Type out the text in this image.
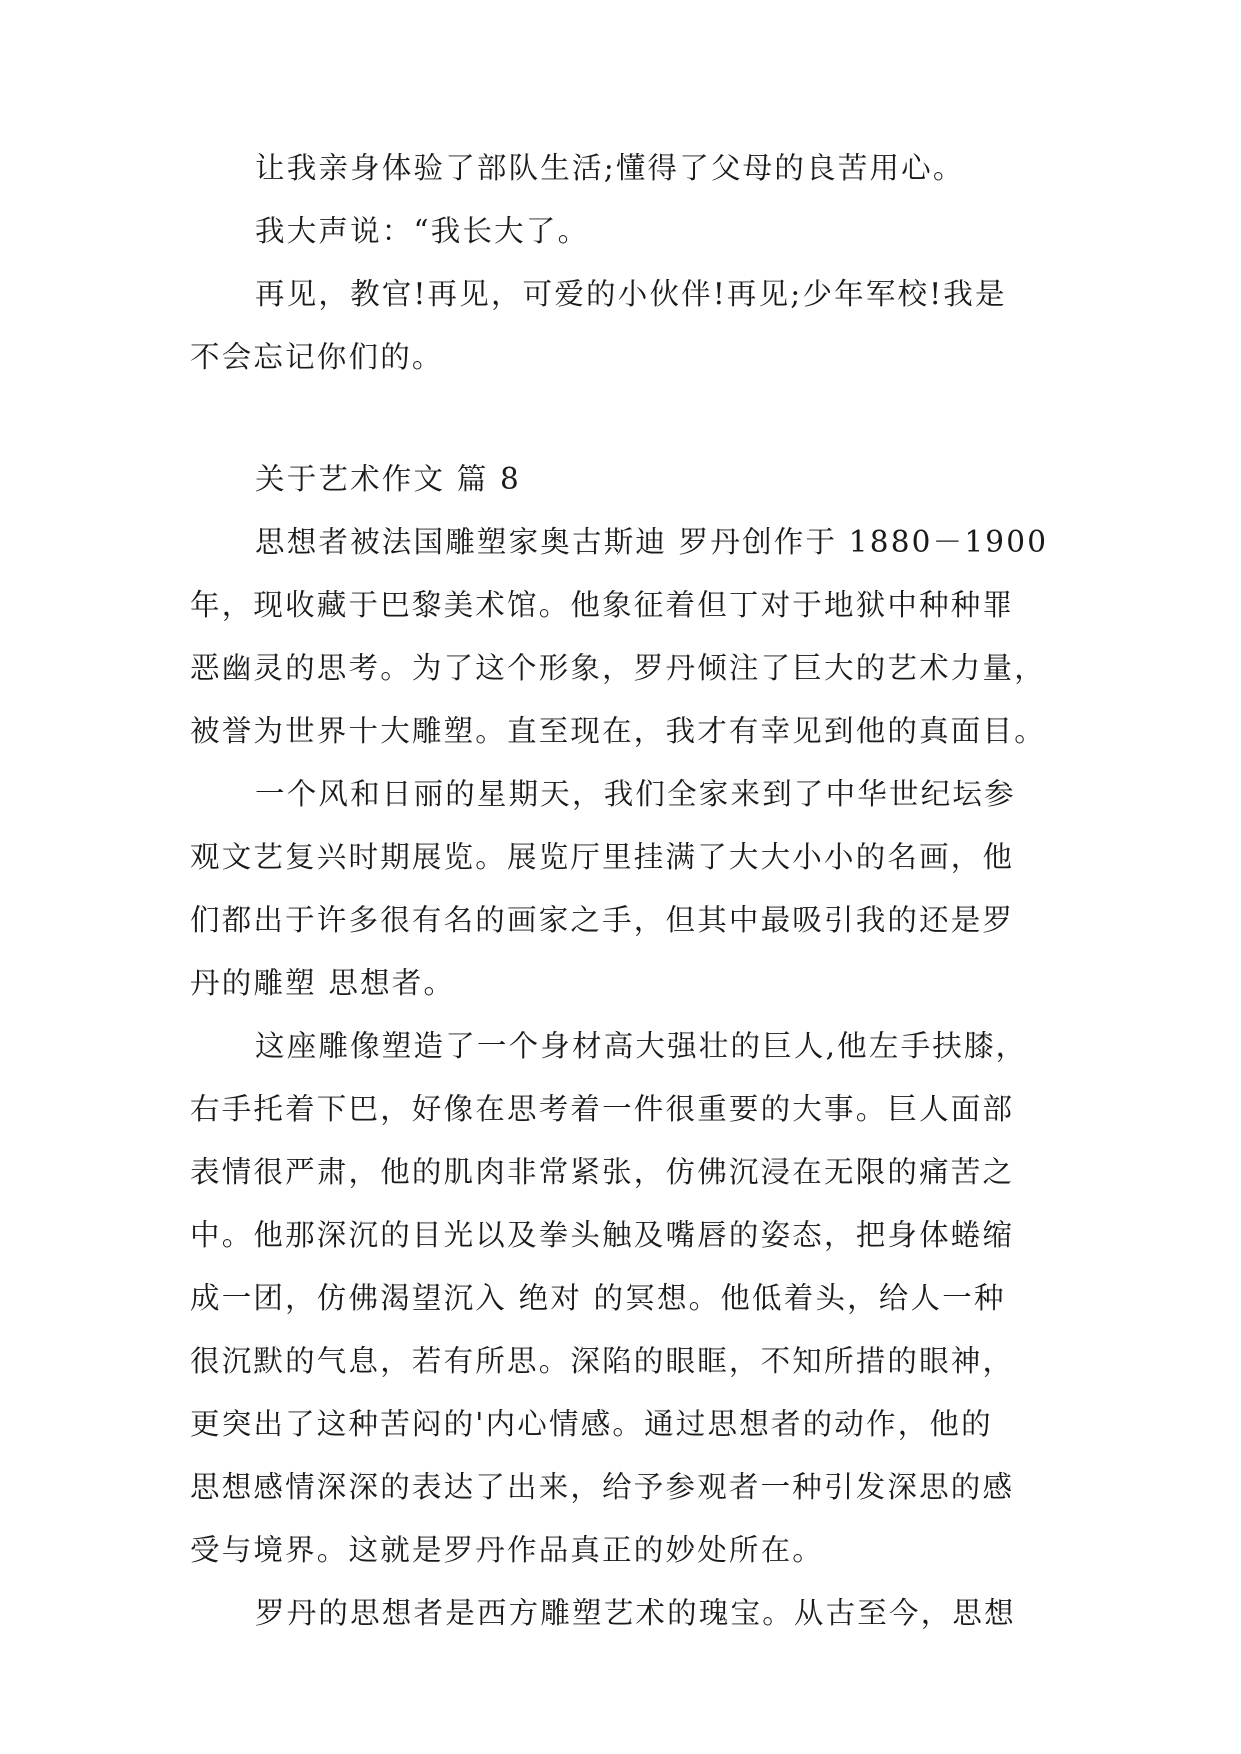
让我亲身体验了部队生活;懂得了父母的良苦用心。
我大声说：“我长大了。
再见，教官!再见，可爱的小伙伴!再见;少年军校!我是
不会忘记你们的。
关于艺术作文 篇 8
思想者被法国雕塑家奥古斯迪 罗丹创作于 1880－1900
年，现收藏于巴黎美术馆。他象征着但丁对于地狱中种种罪
恶幽灵的思考。为了这个形象，罗丹倾注了巨大的艺术力量，
被誉为世界十大雕塑。直至现在，我才有幸见到他的真面目。
一个风和日丽的星期天，我们全家来到了中华世纪坛参
观文艺复兴时期展览。展览厅里挂满了大大小小的名画，他
们都出于许多很有名的画家之手，但其中最吸引我的还是罗
丹的雕塑 思想者。
这座雕像塑造了一个身材高大强壮的巨人,他左手扶膝，
右手托着下巴，好像在思考着一件很重要的大事。巨人面部
表情很严肃，他的肌肉非常紧张，仿佛沉浸在无限的痛苦之
中。他那深沉的目光以及拳头触及嘴唇的姿态，把身体蜷缩
成一团，仿佛渴望沉入 绝对 的冥想。他低着头，给人一种
很沉默的气息，若有所思。深陷的眼眶，不知所措的眼神，
更突出了这种苦闷的'内心情感。通过思想者的动作，他的
思想感情深深的表达了出来，给予参观者一种引发深思的感
受与境界。这就是罗丹作品真正的妙处所在。
罗丹的思想者是西方雕塑艺术的瑰宝。从古至今，思想
